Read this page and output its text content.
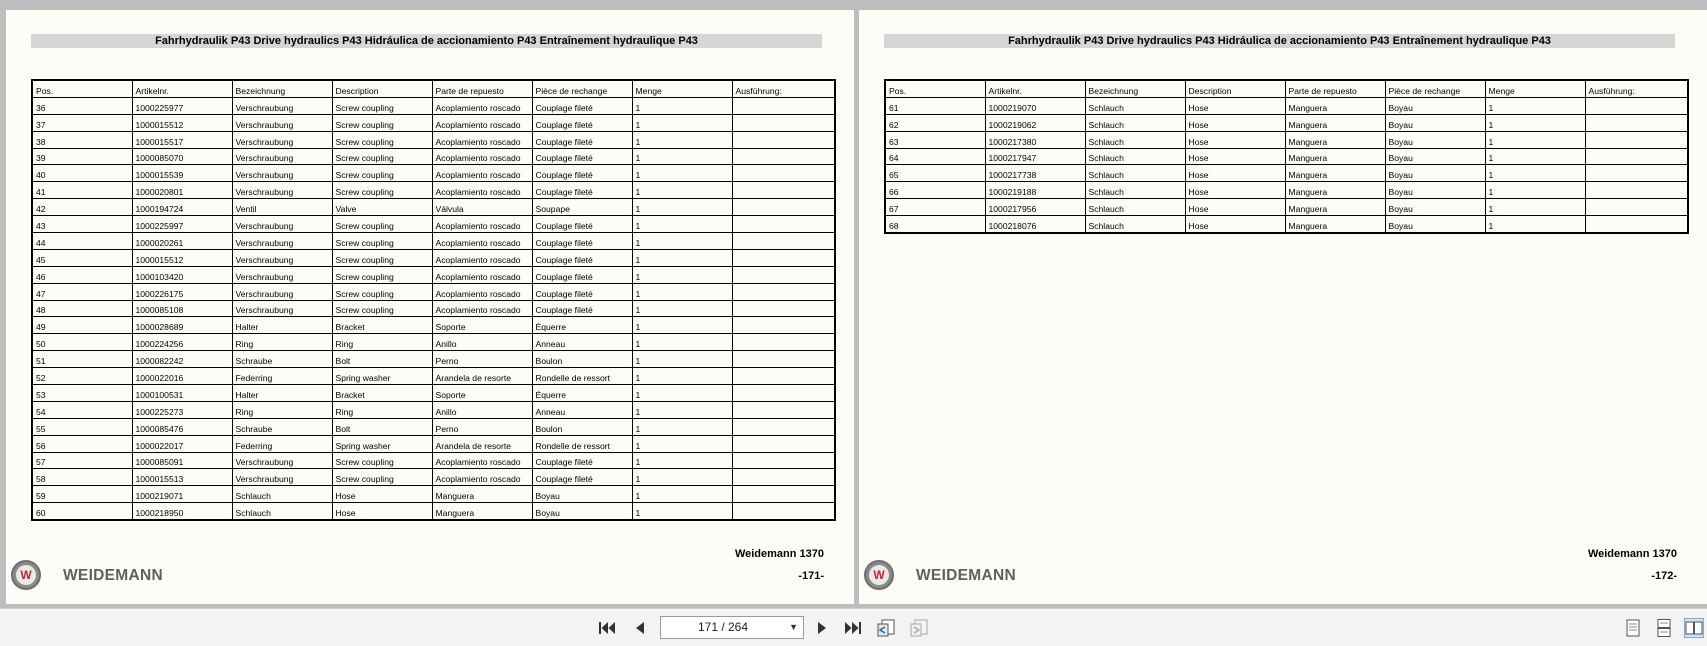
Fahrhydraulik P43 Drive hydraulics P43 Hidráulica de accionamiento P43 Entraînement hydraulique P43
Pos.	Artikelnr.	Bezeichnung	Description	Parte de repuesto	Pièce de rechange	Menge	Ausführung:
36	1000225977	Verschraubung	Screw coupling	Acoplamiento roscado	Couplage fileté	1	
37	1000015512	Verschraubung	Screw coupling	Acoplamiento roscado	Couplage fileté	1	
38	1000015517	Verschraubung	Screw coupling	Acoplamiento roscado	Couplage fileté	1	
39	1000085070	Verschraubung	Screw coupling	Acoplamiento roscado	Couplage fileté	1	
40	1000015539	Verschraubung	Screw coupling	Acoplamiento roscado	Couplage fileté	1	
41	1000020801	Verschraubung	Screw coupling	Acoplamiento roscado	Couplage fileté	1	
42	1000194724	Ventil	Valve	Válvula	Soupape	1	
43	1000225997	Verschraubung	Screw coupling	Acoplamiento roscado	Couplage fileté	1	
44	1000020261	Verschraubung	Screw coupling	Acoplamiento roscado	Couplage fileté	1	
45	1000015512	Verschraubung	Screw coupling	Acoplamiento roscado	Couplage fileté	1	
46	1000103420	Verschraubung	Screw coupling	Acoplamiento roscado	Couplage fileté	1	
47	1000226175	Verschraubung	Screw coupling	Acoplamiento roscado	Couplage fileté	1	
48	1000085108	Verschraubung	Screw coupling	Acoplamiento roscado	Couplage fileté	1	
49	1000028689	Halter	Bracket	Soporte	Équerre	1	
50	1000224256	Ring	Ring	Anillo	Anneau	1	
51	1000082242	Schraube	Bolt	Perno	Boulon	1	
52	1000022016	Federring	Spring washer	Arandela de resorte	Rondelle de ressort	1	
53	1000100531	Halter	Bracket	Soporte	Équerre	1	
54	1000225273	Ring	Ring	Anillo	Anneau	1	
55	1000085476	Schraube	Bolt	Perno	Boulon	1	
56	1000022017	Federring	Spring washer	Arandela de resorte	Rondelle de ressort	1	
57	1000085091	Verschraubung	Screw coupling	Acoplamiento roscado	Couplage fileté	1	
58	1000015513	Verschraubung	Screw coupling	Acoplamiento roscado	Couplage fileté	1	
59	1000219071	Schlauch	Hose	Manguera	Boyau	1	
60	1000218950	Schlauch	Hose	Manguera	Boyau	1	
Weidemann 1370
-171-
W WEIDEMANN
Fahrhydraulik P43 Drive hydraulics P43 Hidráulica de accionamiento P43 Entraînement hydraulique P43
Pos.	Artikelnr.	Bezeichnung	Description	Parte de repuesto	Pièce de rechange	Menge	Ausführung:
61	1000219070	Schlauch	Hose	Manguera	Boyau	1	
62	1000219062	Schlauch	Hose	Manguera	Boyau	1	
63	1000217380	Schlauch	Hose	Manguera	Boyau	1	
64	1000217947	Schlauch	Hose	Manguera	Boyau	1	
65	1000217738	Schlauch	Hose	Manguera	Boyau	1	
66	1000219188	Schlauch	Hose	Manguera	Boyau	1	
67	1000217956	Schlauch	Hose	Manguera	Boyau	1	
68	1000218076	Schlauch	Hose	Manguera	Boyau	1	
Weidemann 1370
-172-
W WEIDEMANN
171 / 264	▼
